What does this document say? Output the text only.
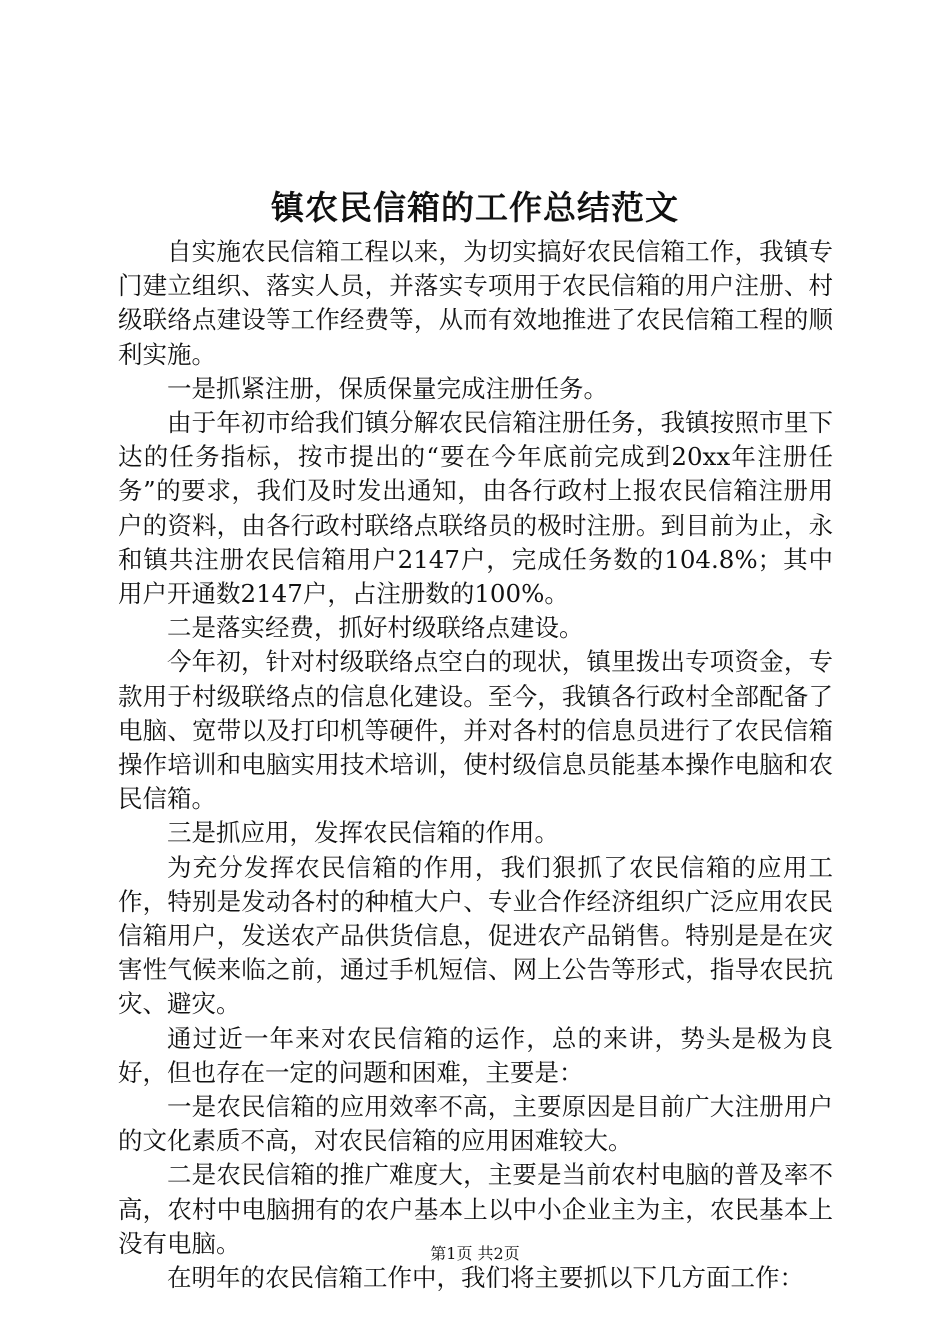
镇农民信箱的工作总结范文

自实施农民信箱工程以来，为切实搞好农民信箱工作，我镇专门建立组织、落实人员，并落实专项用于农民信箱的用户注册、村级联络点建设等工作经费等，从而有效地推进了农民信箱工程的顺利实施。

一是抓紧注册，保质保量完成注册任务。

由于年初市给我们镇分解农民信箱注册任务，我镇按照市里下达的任务指标，按市提出的“要在今年底前完成到20xx年注册任务”的要求，我们及时发出通知，由各行政村上报农民信箱注册用户的资料，由各行政村联络点联络员的极时注册。到目前为止，永和镇共注册农民信箱用户2147户，完成任务数的104.8%；其中用户开通数2147户，占注册数的100%。

二是落实经费，抓好村级联络点建设。

今年初，针对村级联络点空白的现状，镇里拨出专项资金，专款用于村级联络点的信息化建设。至今，我镇各行政村全部配备了电脑、宽带以及打印机等硬件，并对各村的信息员进行了农民信箱操作培训和电脑实用技术培训，使村级信息员能基本操作电脑和农民信箱。

三是抓应用，发挥农民信箱的作用。

为充分发挥农民信箱的作用，我们狠抓了农民信箱的应用工作，特别是发动各村的种植大户、专业合作经济组织广泛应用农民信箱用户，发送农产品供货信息，促进农产品销售。特别是是在灾害性气候来临之前，通过手机短信、网上公告等形式，指导农民抗灾、避灾。

通过近一年来对农民信箱的运作，总的来讲，势头是极为良好，但也存在一定的问题和困难，主要是：

一是农民信箱的应用效率不高，主要原因是目前广大注册用户的文化素质不高，对农民信箱的应用困难较大。

二是农民信箱的推广难度大，主要是当前农村电脑的普及率不高，农村中电脑拥有的农户基本上以中小企业主为主，农民基本上没有电脑。

在明年的农民信箱工作中，我们将主要抓以下几方面工作：

第1页 共2页
